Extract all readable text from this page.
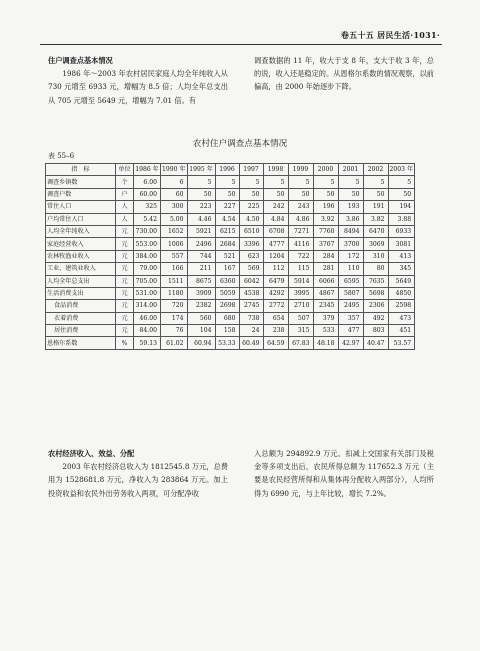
卷五十五 居民生活·1031·

住户调查点基本情况

1986 年～2003 年农村居民家庭人均全年纯收入从 730 元增至 6933 元，增幅为 8.5 倍；人均全年总支出从 705 元增至 5649 元，增幅为 7.01 倍。有

调查数据的 11 年，收大于支 8 年，支大于收 3 年，总的说，收入还是稳定的。从恩格尔系数的情况观察，以前偏高，由 2000 年始逐步下降。

农村住户调查点基本情况
表 55–6
指　标	单位	1986 年	1990 年	1995 年	1996	1997	1998	1999	2000	2001	2002	2003 年
调查乡镇数	个	6.00	6	5	5	5	5	5	5	5	5	5
调查户数	户	60.00	60	50	50	50	50	50	50	50	50	50
常住人口	人	325	300	223	227	225	242	243	196	193	191	194
户均常住人口	人	5.42	5.00	4.46	4.54	4.50	4.84	4.86	3.92	3.86	3.82	3.88
人均全年纯收入	元	730.00	1652	5921	6215	6510	6708	7271	7760	8494	6470	6933
家庭经营收入	元	553.00	1006	2496	2684	3396	4777	4116	3767	3700	3069	3081
农林牧渔业收入	元	384.00	557	744	521	623	1204	722	284	172	310	413
工业、建筑业收入	元	79.00	166	211	167	569	112	115	281	110	80	345
人均全年总支出	元	705.00	1511	8675	6360	6042	6479	5914	6066	6595	7635	5649
生活消费支出	元	531.00	1180	3909	5059	4538	4292	3995	4867	5807	5698	4850
食品消费	元	314.00	720	2382	2698	2745	2772	2710	2345	2495	2306	2598
衣着消费	元	46.00	174	560	680	738	654	507	379	357	492	473
居住消费	元	84.00	76	104	158	24	238	315	533	477	803	451
恩格尔系数	%	59.13	61.02	60.94	53.33	60.49	64.59	67.83	48.18	42.97	40.47	53.57

农村经济收入、效益、分配

2003 年农村经济总收入为 1812545.8 万元，总费用为 1528681.8 万元，净收入为 283864 万元。加上投资收益和农民外出劳务收入两项，可分配净收

入总额为 294892.9 万元。扣减上交国家有关部门及税金等多项支出后，农民所得总额为 117652.3 万元（主要是农民经营所得和从集体再分配收入两部分），人均所得为 6990 元，与上年比较，增长 7.2%。
